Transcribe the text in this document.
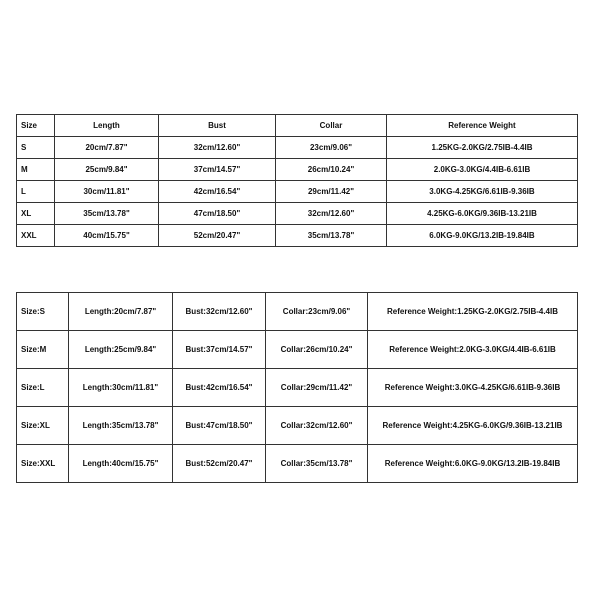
Size	Length	Bust	Collar	Reference Weight
S	20cm/7.87"	32cm/12.60"	23cm/9.06"	1.25KG-2.0KG/2.75IB-4.4IB
M	25cm/9.84"	37cm/14.57"	26cm/10.24"	2.0KG-3.0KG/4.4IB-6.61IB
L	30cm/11.81"	42cm/16.54"	29cm/11.42"	3.0KG-4.25KG/6.61IB-9.36IB
XL	35cm/13.78"	47cm/18.50"	32cm/12.60"	4.25KG-6.0KG/9.36IB-13.21IB
XXL	40cm/15.75"	52cm/20.47"	35cm/13.78"	6.0KG-9.0KG/13.2IB-19.84IB
Size:S	Length:20cm/7.87"	Bust:32cm/12.60"	Collar:23cm/9.06"	Reference Weight:1.25KG-2.0KG/2.75IB-4.4IB
Size:M	Length:25cm/9.84"	Bust:37cm/14.57"	Collar:26cm/10.24"	Reference Weight:2.0KG-3.0KG/4.4IB-6.61IB
Size:L	Length:30cm/11.81"	Bust:42cm/16.54"	Collar:29cm/11.42"	Reference Weight:3.0KG-4.25KG/6.61IB-9.36IB
Size:XL	Length:35cm/13.78"	Bust:47cm/18.50"	Collar:32cm/12.60"	Reference Weight:4.25KG-6.0KG/9.36IB-13.21IB
Size:XXL	Length:40cm/15.75"	Bust:52cm/20.47"	Collar:35cm/13.78"	Reference Weight:6.0KG-9.0KG/13.2IB-19.84IB
